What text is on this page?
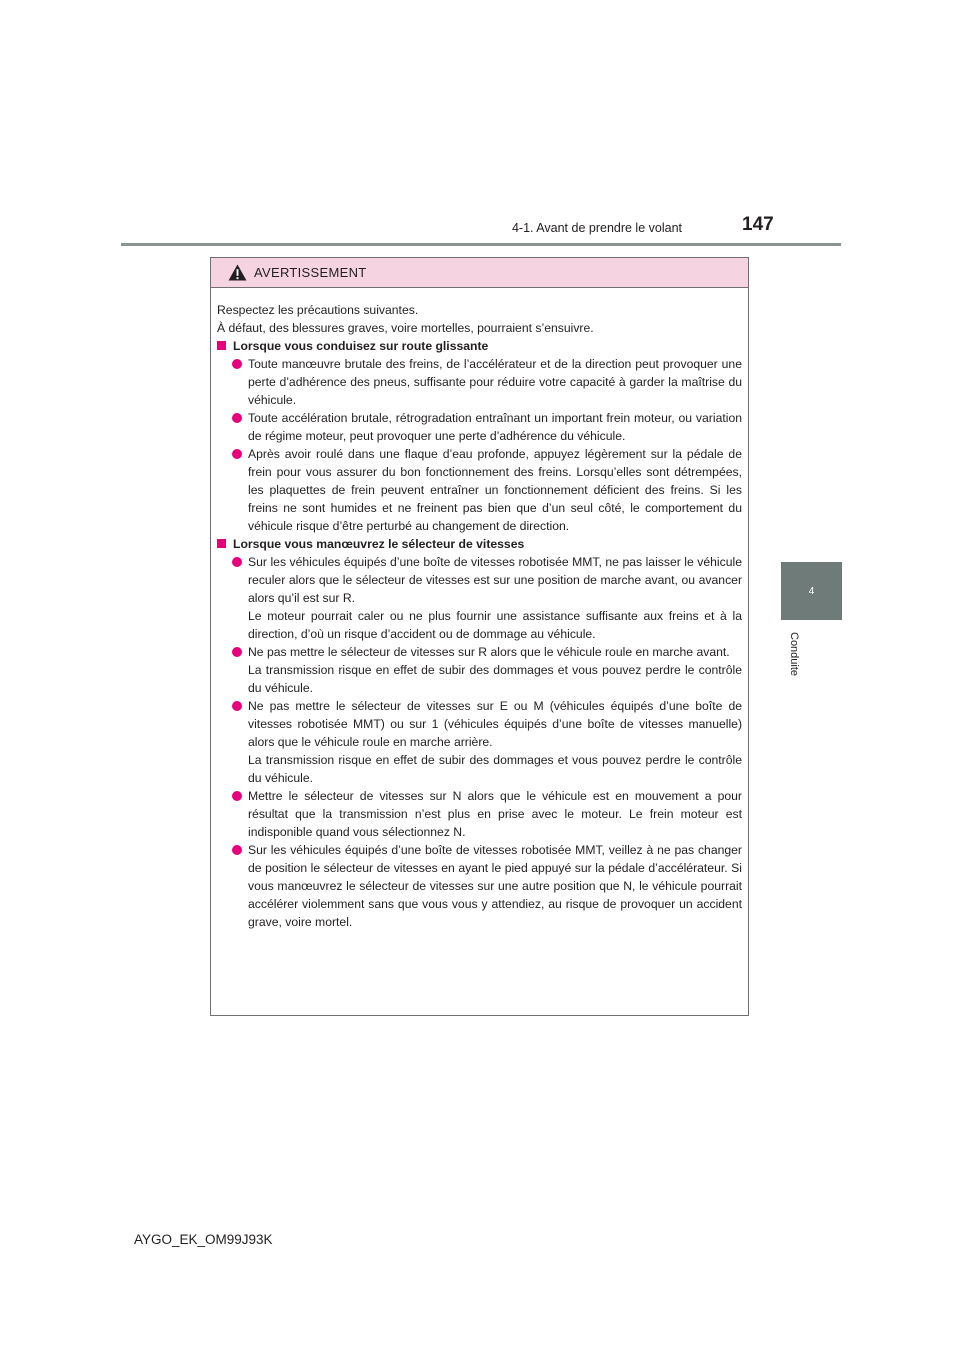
4-1. Avant de prendre le volant	147
4
Conduite
AVERTISSEMENT

Respectez les précautions suivantes.
À défaut, des blessures graves, voire mortelles, pourraient s’ensuivre.

Lorsque vous conduisez sur route glissante

Toute manœuvre brutale des freins, de l’accélérateur et de la direction peut provoquer une perte d’adhérence des pneus, suffisante pour réduire votre capacité à garder la maîtrise du véhicule.

Toute accélération brutale, rétrogradation entraînant un important frein moteur, ou variation de régime moteur, peut provoquer une perte d’adhérence du véhicule.

Après avoir roulé dans une flaque d’eau profonde, appuyez légèrement sur la pédale de frein pour vous assurer du bon fonctionnement des freins. Lorsqu’elles sont détrempées, les plaquettes de frein peuvent entraîner un fonctionnement déficient des freins. Si les freins ne sont humides et ne freinent pas bien que d’un seul côté, le comportement du véhicule risque d’être perturbé au changement de direction.

Lorsque vous manœuvrez le sélecteur de vitesses

Sur les véhicules équipés d’une boîte de vitesses robotisée MMT, ne pas laisser le véhicule reculer alors que le sélecteur de vitesses est sur une position de marche avant, ou avancer alors qu’il est sur R.
Le moteur pourrait caler ou ne plus fournir une assistance suffisante aux freins et à la direction, d’où un risque d’accident ou de dommage au véhicule.

Ne pas mettre le sélecteur de vitesses sur R alors que le véhicule roule en marche avant.
La transmission risque en effet de subir des dommages et vous pouvez perdre le contrôle du véhicule.

Ne pas mettre le sélecteur de vitesses sur E ou M (véhicules équipés d’une boîte de vitesses robotisée MMT) ou sur 1 (véhicules équipés d’une boîte de vitesses manuelle) alors que le véhicule roule en marche arrière.
La transmission risque en effet de subir des dommages et vous pouvez perdre le contrôle du véhicule.

Mettre le sélecteur de vitesses sur N alors que le véhicule est en mouvement a pour résultat que la transmission n’est plus en prise avec le moteur. Le frein moteur est indisponible quand vous sélectionnez N.

Sur les véhicules équipés d’une boîte de vitesses robotisée MMT, veillez à ne pas changer de position le sélecteur de vitesses en ayant le pied appuyé sur la pédale d’accélérateur. Si vous manœuvrez le sélecteur de vitesses sur une autre position que N, le véhicule pourrait accélérer violemment sans que vous vous y attendiez, au risque de provoquer un accident grave, voire mortel.

AYGO_EK_OM99J93K
